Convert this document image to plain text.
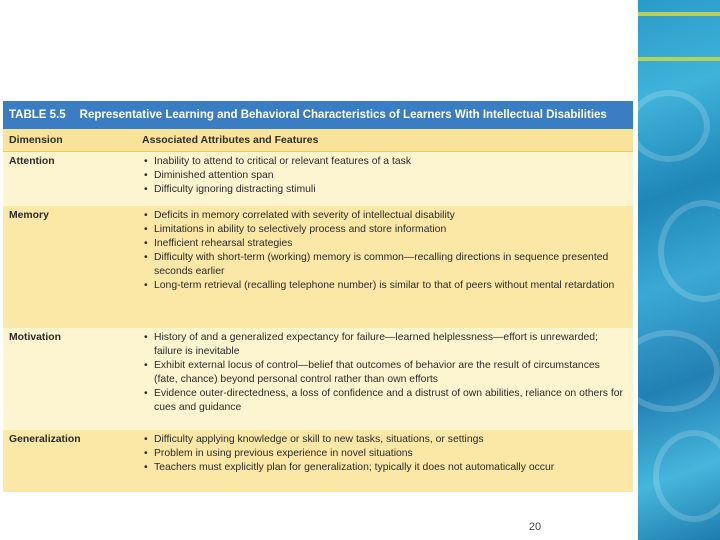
TABLE 5.5 Representative Learning and Behavioral Characteristics of Learners With Intellectual Disabilities
Dimension	Associated Attributes and Features
Attention	• Inability to attend to critical or relevant features of a task
• Diminished attention span
• Difficulty ignoring distracting stimuli
Memory	• Deficits in memory correlated with severity of intellectual disability
• Limitations in ability to selectively process and store information
• Inefficient rehearsal strategies
• Difficulty with short-term (working) memory is common—recalling directions in sequence presented seconds earlier
• Long-term retrieval (recalling telephone number) is similar to that of peers without mental retardation
Motivation	• History of and a generalized expectancy for failure—learned helplessness—effort is unrewarded; failure is inevitable
• Exhibit external locus of control—belief that outcomes of behavior are the result of circumstances (fate, chance) beyond personal control rather than own efforts
• Evidence outer-directedness, a loss of confidence and a distrust of own abilities, reliance on others for cues and guidance
Generalization	• Difficulty applying knowledge or skill to new tasks, situations, or settings
• Problem in using previous experience in novel situations
• Teachers must explicitly plan for generalization; typically it does not automatically occur
20
